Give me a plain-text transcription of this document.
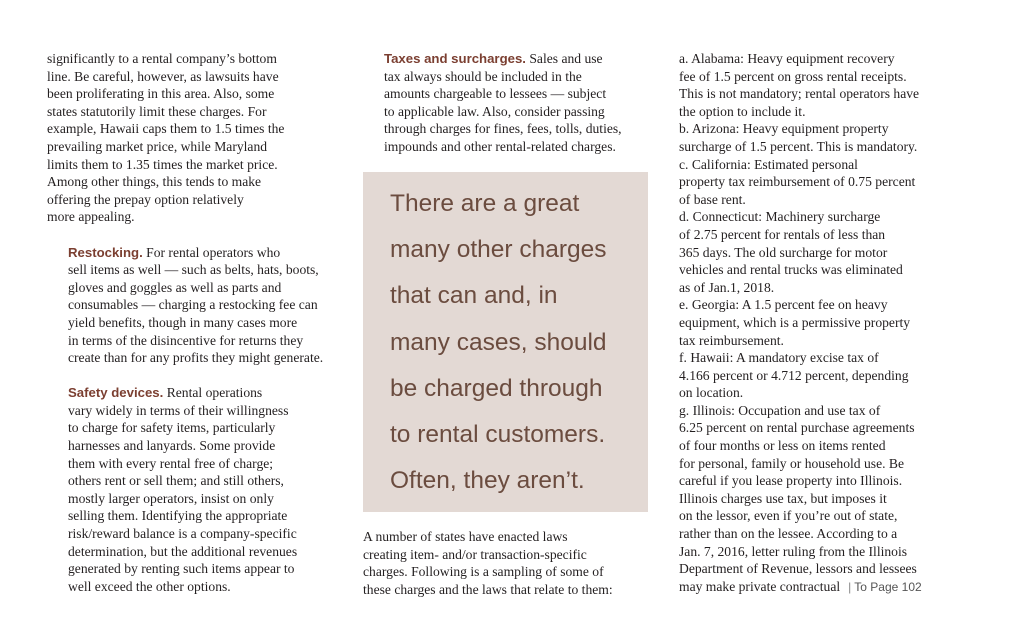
significantly to a rental company’s bottom
line. Be careful, however, as lawsuits have
been proliferating in this area. Also, some
states statutorily limit these charges. For
example, Hawaii caps them to 1.5 times the
prevailing market price, while Maryland
limits them to 1.35 times the market price.
Among other things, this tends to make
offering the prepay option relatively
more appealing.

Restocking. For rental operators who
sell items as well — such as belts, hats, boots,
gloves and goggles as well as parts and
consumables — charging a restocking fee can
yield benefits, though in many cases more
in terms of the disincentive for returns they
create than for any profits they might generate.

Safety devices. Rental operations
vary widely in terms of their willingness
to charge for safety items, particularly
harnesses and lanyards. Some provide
them with every rental free of charge;
others rent or sell them; and still others,
mostly larger operators, insist on only
selling them. Identifying the appropriate
risk/reward balance is a company-specific
determination, but the additional revenues
generated by renting such items appear to
well exceed the other options.

Taxes and surcharges. Sales and use
tax always should be included in the
amounts chargeable to lessees — subject
to applicable law. Also, consider passing
through charges for fines, fees, tolls, duties,
impounds and other rental-related charges.

There are a great
many other charges
that can and, in
many cases, should
be charged through
to rental customers.
Often, they aren’t.

A number of states have enacted laws
creating item- and/or transaction-specific
charges. Following is a sampling of some of
these charges and the laws that relate to them:

a. Alabama: Heavy equipment recovery
fee of 1.5 percent on gross rental receipts.
This is not mandatory; rental operators have
the option to include it.

b. Arizona: Heavy equipment property
surcharge of 1.5 percent. This is mandatory.

c. California: Estimated personal
property tax reimbursement of 0.75 percent
of base rent.

d. Connecticut: Machinery surcharge
of 2.75 percent for rentals of less than
365 days. The old surcharge for motor
vehicles and rental trucks was eliminated
as of Jan.1, 2018.

e. Georgia: A 1.5 percent fee on heavy
equipment, which is a permissive property
tax reimbursement.

f. Hawaii: A mandatory excise tax of
4.166 percent or 4.712 percent, depending
on location.

g. Illinois: Occupation and use tax of
6.25 percent on rental purchase agreements
of four months or less on items rented
for personal, family or household use. Be
careful if you lease property into Illinois.
Illinois charges use tax, but imposes it
on the lessor, even if you’re out of state,
rather than on the lessee. According to a
Jan. 7, 2016, letter ruling from the Illinois
Department of Revenue, lessors and lessees
may make private contractual | To Page 102
